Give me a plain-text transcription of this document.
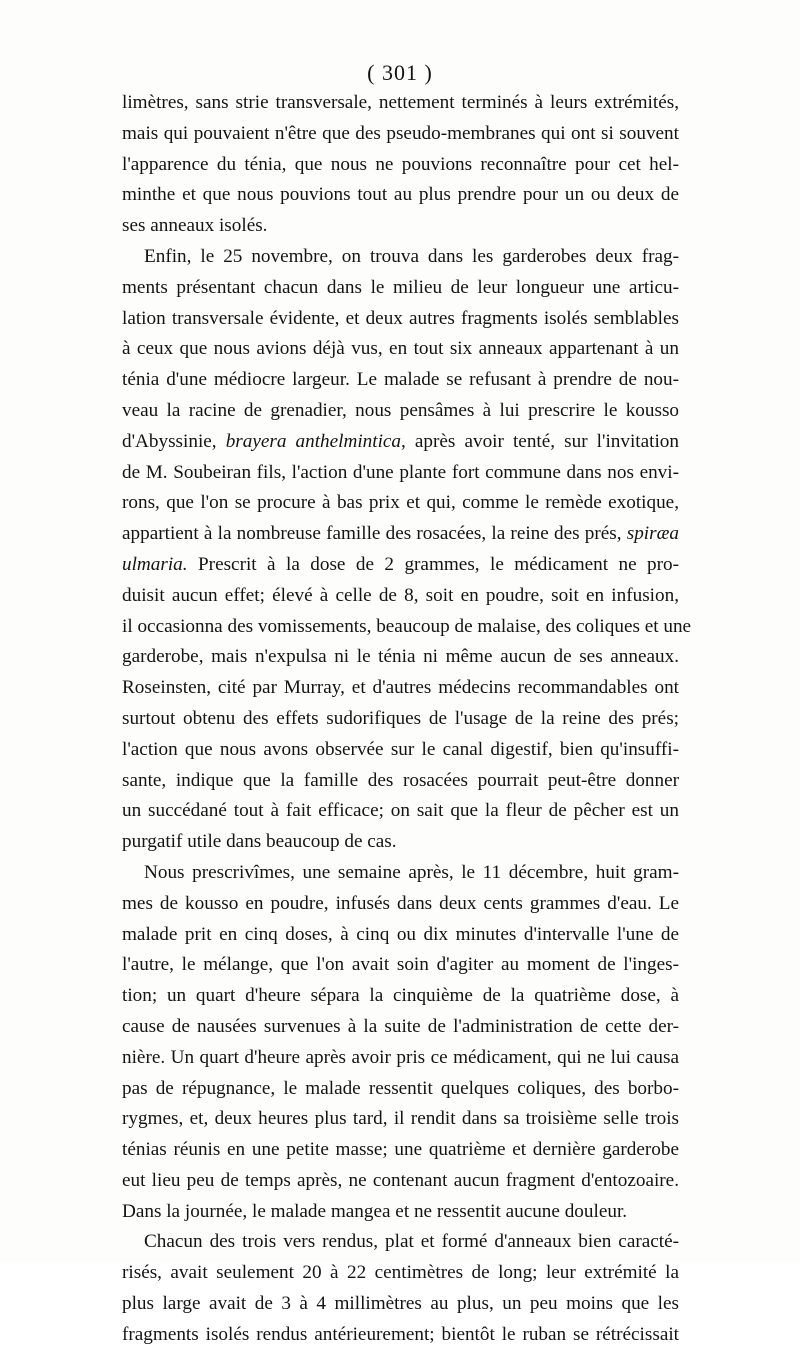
( 301 )
limètres, sans strie transversale, nettement terminés à leurs extrémités,
mais qui pouvaient n'être que des pseudo-membranes qui ont si souvent
l'apparence du ténia, que nous ne pouvions reconnaître pour cet hel-
minthe et que nous pouvions tout au plus prendre pour un ou deux de
ses anneaux isolés.
Enfin, le 25 novembre, on trouva dans les garderobes deux frag-
ments présentant chacun dans le milieu de leur longueur une articu-
lation transversale évidente, et deux autres fragments isolés semblables
à ceux que nous avions déjà vus, en tout six anneaux appartenant à un
ténia d'une médiocre largeur. Le malade se refusant à prendre de nou-
veau la racine de grenadier, nous pensâmes à lui prescrire le kousso
d'Abyssinie, brayera anthelmintica, après avoir tenté, sur l'invitation
de M. Soubeiran fils, l'action d'une plante fort commune dans nos envi-
rons, que l'on se procure à bas prix et qui, comme le remède exotique,
appartient à la nombreuse famille des rosacées, la reine des prés, spiræa
ulmaria. Prescrit à la dose de 2 grammes, le médicament ne pro-
duisit aucun effet; élevé à celle de 8, soit en poudre, soit en infusion,
il occasionna des vomissements, beaucoup de malaise, des coliques et une
garderobe, mais n'expulsa ni le ténia ni même aucun de ses anneaux.
Roseinsten, cité par Murray, et d'autres médecins recommandables ont
surtout obtenu des effets sudorifiques de l'usage de la reine des prés;
l'action que nous avons observée sur le canal digestif, bien qu'insuffi-
sante, indique que la famille des rosacées pourrait peut-être donner
un succédané tout à fait efficace; on sait que la fleur de pêcher est un
purgatif utile dans beaucoup de cas.
Nous prescrivîmes, une semaine après, le 11 décembre, huit gram-
mes de kousso en poudre, infusés dans deux cents grammes d'eau. Le
malade prit en cinq doses, à cinq ou dix minutes d'intervalle l'une de
l'autre, le mélange, que l'on avait soin d'agiter au moment de l'inges-
tion; un quart d'heure sépara la cinquième de la quatrième dose, à
cause de nausées survenues à la suite de l'administration de cette der-
nière. Un quart d'heure après avoir pris ce médicament, qui ne lui causa
pas de répugnance, le malade ressentit quelques coliques, des borbo-
rygmes, et, deux heures plus tard, il rendit dans sa troisième selle trois
ténias réunis en une petite masse; une quatrième et dernière garderobe
eut lieu peu de temps après, ne contenant aucun fragment d'entozoaire.
Dans la journée, le malade mangea et ne ressentit aucune douleur.
Chacun des trois vers rendus, plat et formé d'anneaux bien caracté-
risés, avait seulement 20 à 22 centimètres de long; leur extrémité la
plus large avait de 3 à 4 millimètres au plus, un peu moins que les
fragments isolés rendus antérieurement; bientôt le ruban se rétrécissait
